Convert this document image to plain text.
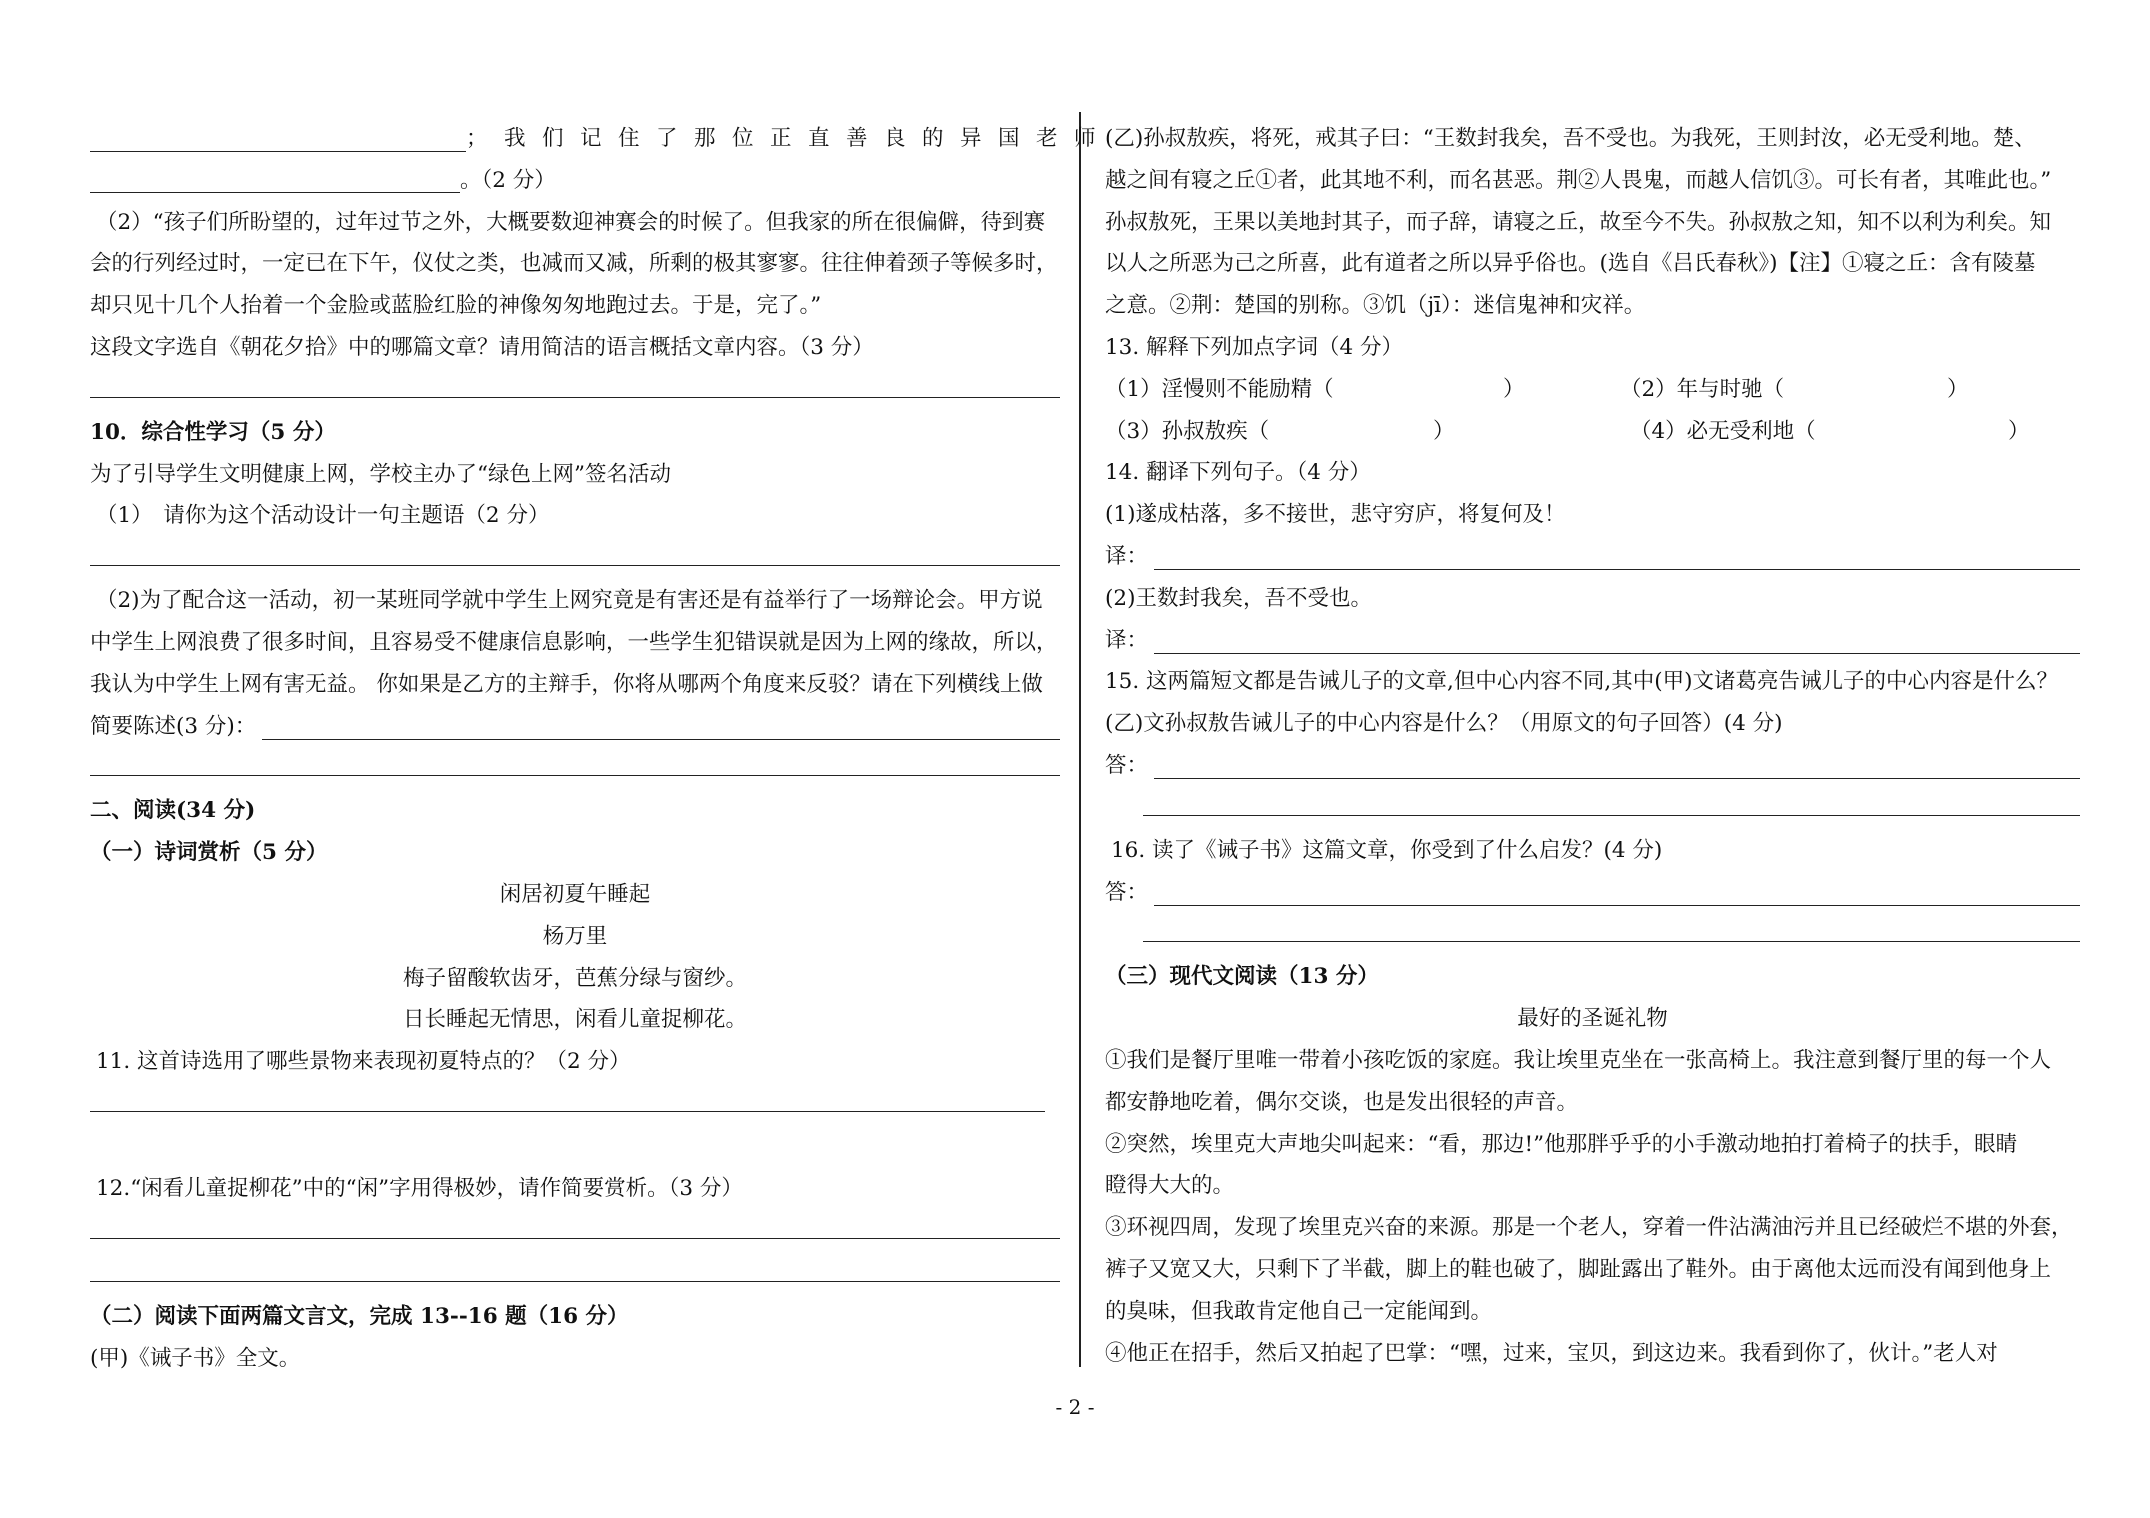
；我们记住了那位正直善良的异国老师
。（2 分）
（2）“孩子们所盼望的，过年过节之外，大概要数迎神赛会的时候了。但我家的所在很偏僻，待到赛
会的行列经过时，一定已在下午，仪仗之类，也减而又减，所剩的极其寥寥。往往伸着颈子等候多时，
却只见十几个人抬着一个金脸或蓝脸红脸的神像匆匆地跑过去。于是，完了。”
这段文字选自《朝花夕拾》中的哪篇文章？请用简洁的语言概括文章内容。（3 分）
10．综合性学习（5 分）
为了引导学生文明健康上网，学校主办了“绿色上网”签名活动
（1）　请你为这个活动设计一句主题语（2 分）
（2)为了配合这一活动，初一某班同学就中学生上网究竟是有害还是有益举行了一场辩论会。甲方说
中学生上网浪费了很多时间，且容易受不健康信息影响，一些学生犯错误就是因为上网的缘故，所以，
我认为中学生上网有害无益。 你如果是乙方的主辩手，你将从哪两个角度来反驳？请在下列横线上做
简要陈述(3 分)：
二、阅读(34 分)
（一）诗词赏析（5 分）
闲居初夏午睡起
杨万里
梅子留酸软齿牙，芭蕉分绿与窗纱。
日长睡起无情思，闲看儿童捉柳花。
11. 这首诗选用了哪些景物来表现初夏特点的？（2 分）
12.“闲看儿童捉柳花”中的“闲”字用得极妙，请作简要赏析。（3 分）
（二）阅读下面两篇文言文，完成 13--16 题（16 分）
(甲)《诫子书》全文。
(乙)孙叔敖疾，将死，戒其子曰：“王数封我矣，吾不受也。为我死，王则封汝，必无受利地。楚、
越之间有寝之丘①者，此其地不利，而名甚恶。荆②人畏鬼，而越人信饥③。可长有者，其唯此也。”
孙叔敖死，王果以美地封其子，而子辞，请寝之丘，故至今不失。孙叔敖之知，知不以利为利矣。知
以人之所恶为己之所喜，此有道者之所以异乎俗也。(选自《吕氏春秋》)【注】①寝之丘：含有陵墓
之意。②荆：楚国的别称。③饥（jī）：迷信鬼神和灾祥。
13. 解释下列加点字词（4 分）
（1）淫慢则不能励精（	）	（2）年与时驰（	）
（3）孙叔敖疾（	）	（4）必无受利地（	）
14. 翻译下列句子。（4 分）
(1)遂成枯落，多不接世，悲守穷庐，将复何及！
译：
(2)王数封我矣，吾不受也。
译：
15. 这两篇短文都是告诫儿子的文章,但中心内容不同,其中(甲)文诸葛亮告诫儿子的中心内容是什么？
(乙)文孙叔敖告诫儿子的中心内容是什么？（用原文的句子回答）(4 分)
答：
16. 读了《诫子书》这篇文章，你受到了什么启发？(4 分)
答：
（三）现代文阅读（13 分）
最好的圣诞礼物
①我们是餐厅里唯一带着小孩吃饭的家庭。我让埃里克坐在一张高椅上。我注意到餐厅里的每一个人
都安静地吃着，偶尔交谈，也是发出很轻的声音。
②突然，埃里克大声地尖叫起来：“看，那边!”他那胖乎乎的小手激动地拍打着椅子的扶手，眼睛
瞪得大大的。
③环视四周，发现了埃里克兴奋的来源。那是一个老人，穿着一件沾满油污并且已经破烂不堪的外套，
裤子又宽又大，只剩下了半截，脚上的鞋也破了，脚趾露出了鞋外。由于离他太远而没有闻到他身上
的臭味，但我敢肯定他自己一定能闻到。
④他正在招手，然后又拍起了巴掌：“嘿，过来，宝贝，到这边来。我看到你了，伙计。”老人对
- 2 -
